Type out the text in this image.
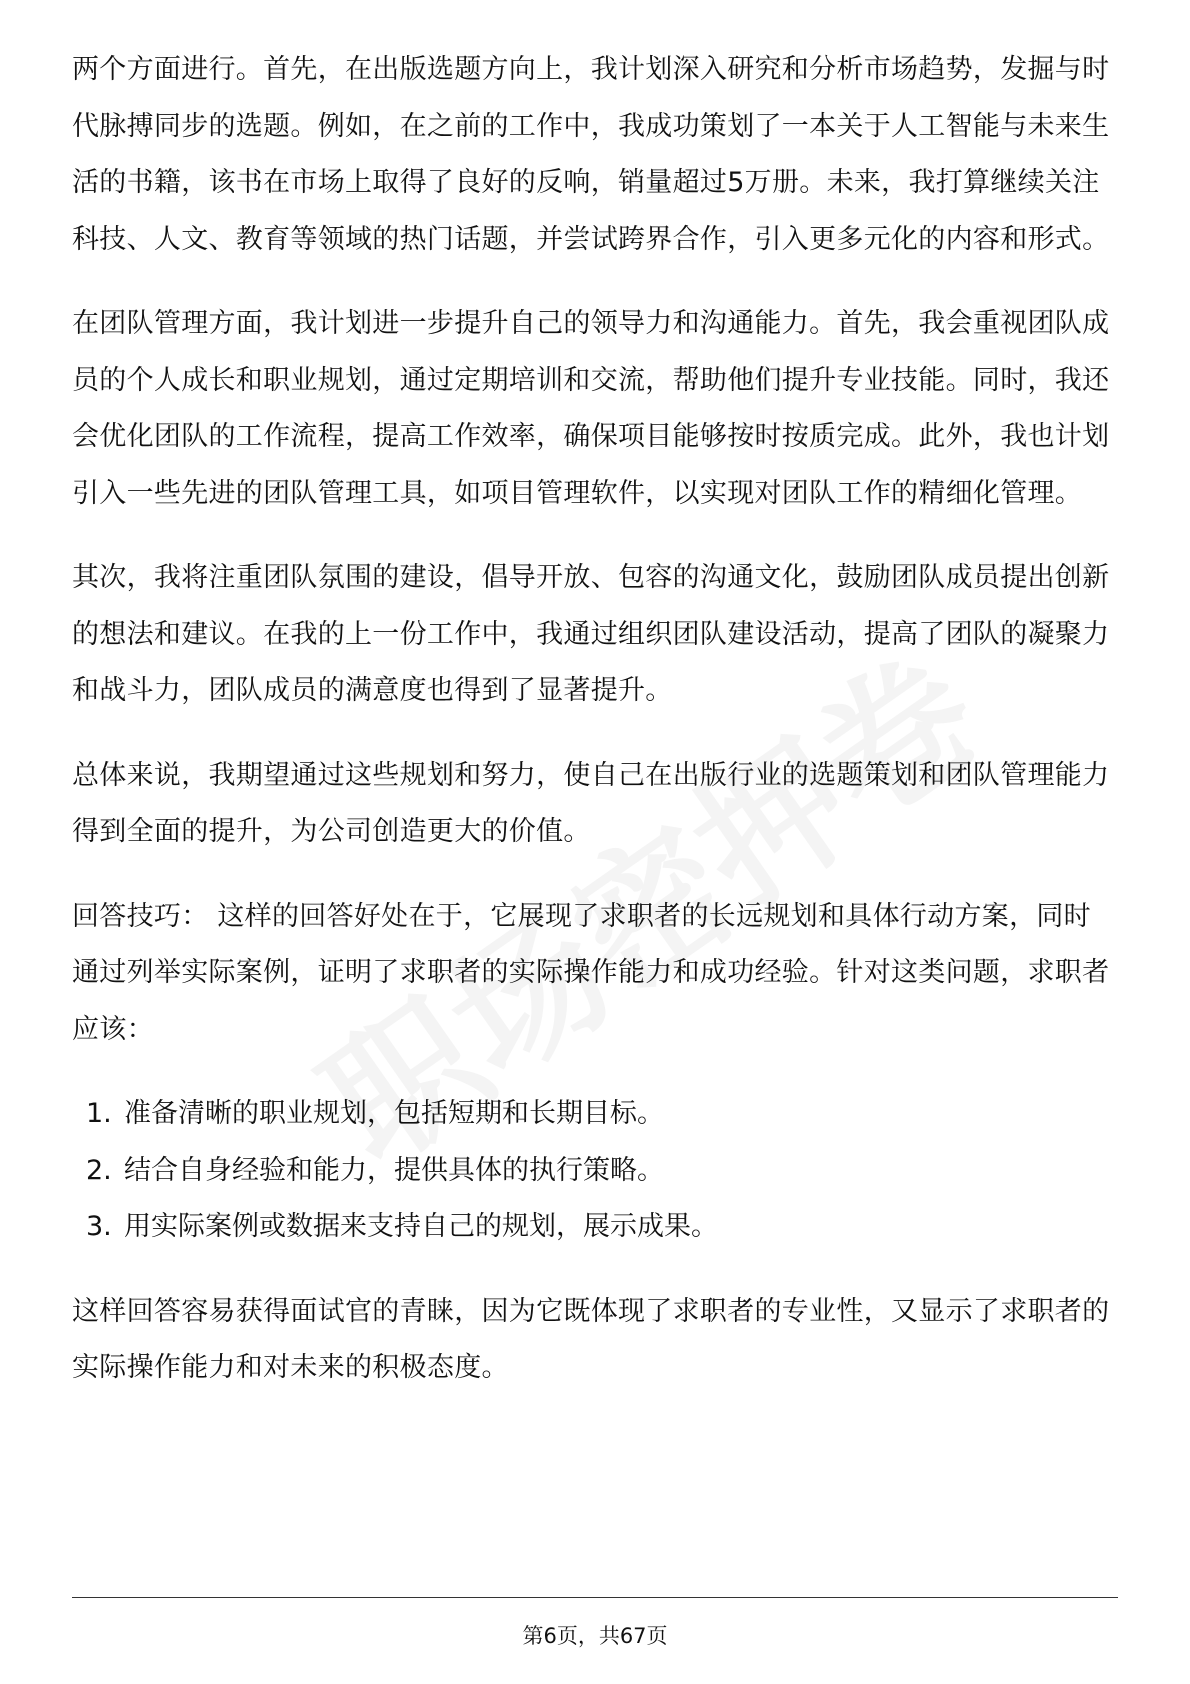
两个方面进行。首先，在出版选题方向上，我计划深入研究和分析市场趋势，发掘与时代脉搏同步的选题。例如，在之前的工作中，我成功策划了一本关于人工智能与未来生活的书籍，该书在市场上取得了良好的反响，销量超过5万册。未来，我打算继续关注科技、人文、教育等领域的热门话题，并尝试跨界合作，引入更多元化的内容和形式。

在团队管理方面，我计划进一步提升自己的领导力和沟通能力。首先，我会重视团队成员的个人成长和职业规划，通过定期培训和交流，帮助他们提升专业技能。同时，我还会优化团队的工作流程，提高工作效率，确保项目能够按时按质完成。此外，我也计划引入一些先进的团队管理工具，如项目管理软件，以实现对团队工作的精细化管理。

其次，我将注重团队氛围的建设，倡导开放、包容的沟通文化，鼓励团队成员提出创新的想法和建议。在我的上一份工作中，我通过组织团队建设活动，提高了团队的凝聚力和战斗力，团队成员的满意度也得到了显著提升。

总体来说，我期望通过这些规划和努力，使自己在出版行业的选题策划和团队管理能力得到全面的提升，为公司创造更大的价值。

回答技巧： 这样的回答好处在于，它展现了求职者的长远规划和具体行动方案，同时通过列举实际案例，证明了求职者的实际操作能力和成功经验。针对这类问题，求职者应该：

1. 准备清晰的职业规划，包括短期和长期目标。
2. 结合自身经验和能力，提供具体的执行策略。
3. 用实际案例或数据来支持自己的规划，展示成果。

这样回答容易获得面试官的青睐，因为它既体现了求职者的专业性，又显示了求职者的实际操作能力和对未来的积极态度。

第6页，共67页
